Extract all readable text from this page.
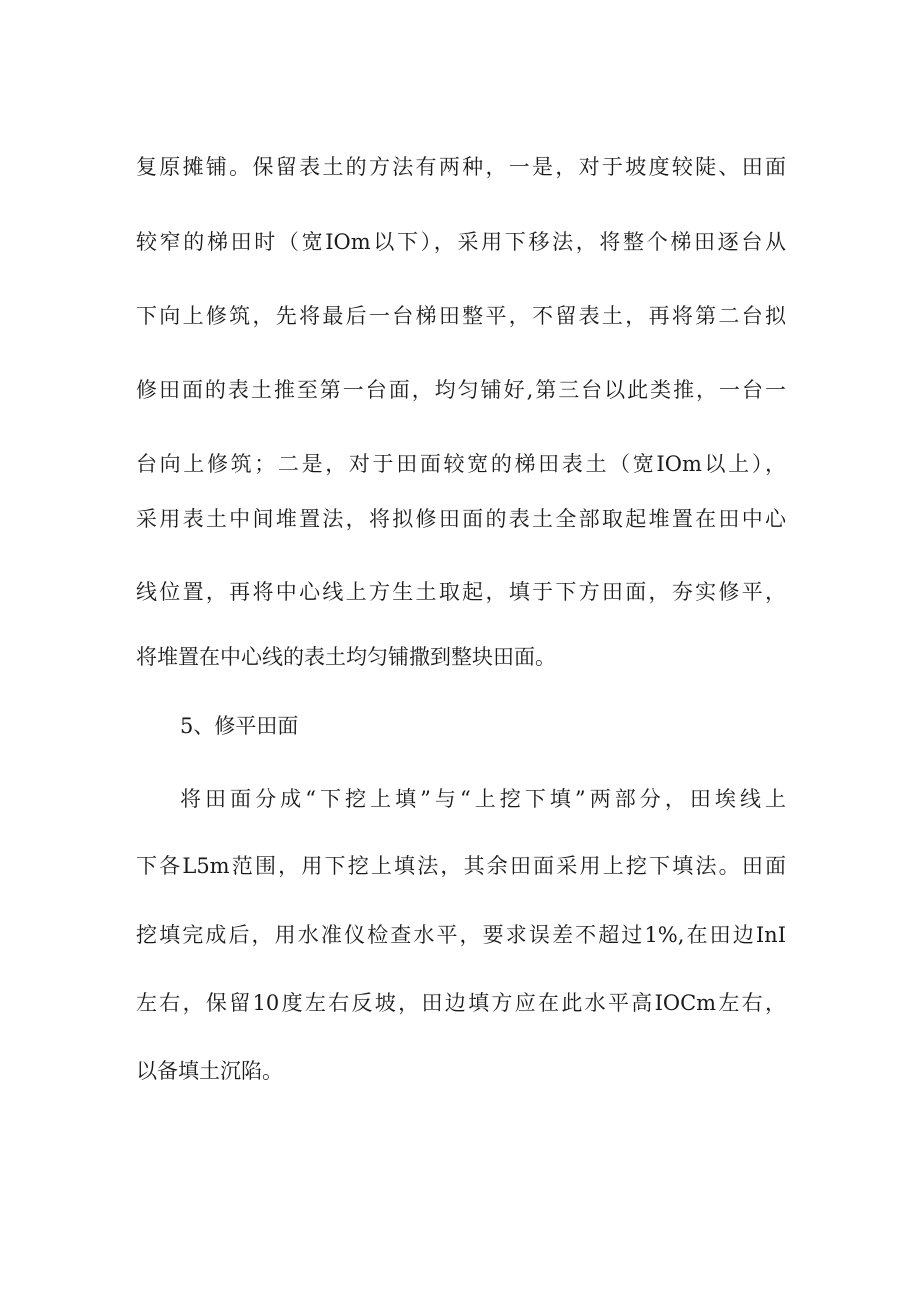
复原摊铺。保留表土的方法有两种，一是，对于坡度较陡、田面
较窄的梯田时（宽IOm以下），采用下移法，将整个梯田逐台从
下向上修筑，先将最后一台梯田整平，不留表土，再将第二台拟
修田面的表土推至第一台面，均匀铺好,第三台以此类推，一台一
台向上修筑；二是，对于田面较宽的梯田表土（宽IOm以上），
采用表土中间堆置法，将拟修田面的表土全部取起堆置在田中心
线位置，再将中心线上方生土取起，填于下方田面，夯实修平，
将堆置在中心线的表土均匀铺撒到整块田面。
5、修平田面
将田面分成“下挖上填”与“上挖下填”两部分，田埃线上
下各L5m范围，用下挖上填法，其余田面采用上挖下填法。田面
挖填完成后，用水准仪检查水平，要求误差不超过1%,在田边InI
左右，保留10度左右反坡，田边填方应在此水平高IOCm左右，
以备填土沉陷。
